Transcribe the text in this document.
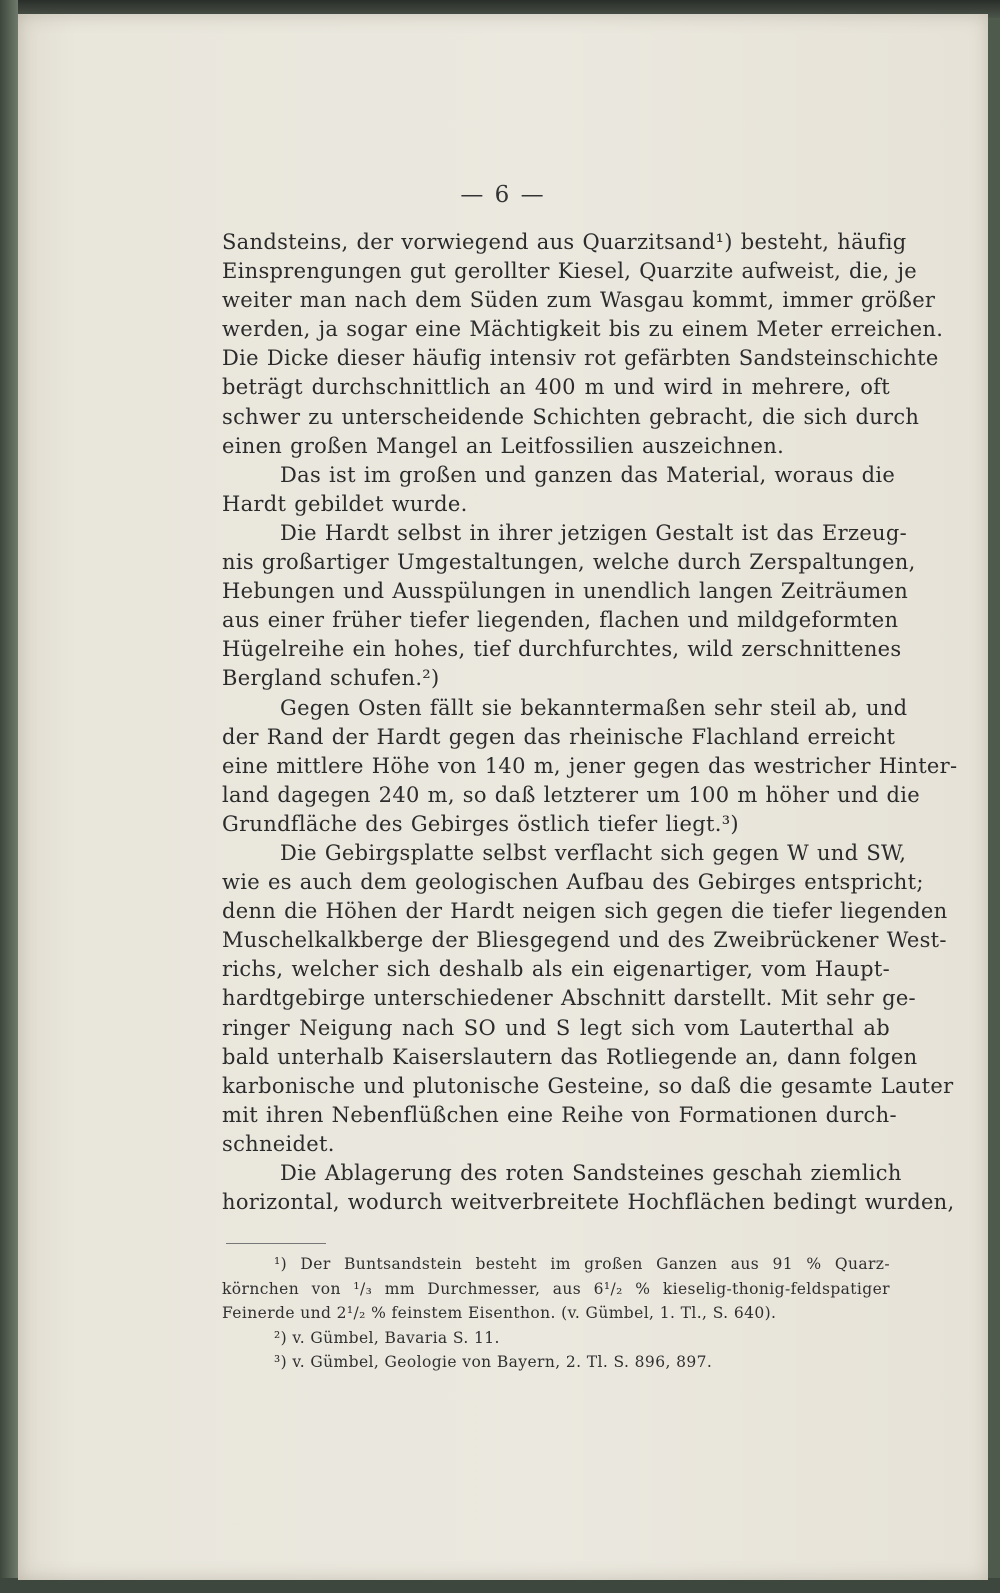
— 6 —
Sandsteins, der vorwiegend aus Quarzitsand¹) besteht, häufig
Einsprengungen gut gerollter Kiesel, Quarzite aufweist, die, je
weiter man nach dem Süden zum Wasgau kommt, immer größer
werden, ja sogar eine Mächtigkeit bis zu einem Meter erreichen.
Die Dicke dieser häufig intensiv rot gefärbten Sandsteinschichte
beträgt durchschnittlich an 400 m und wird in mehrere, oft
schwer zu unterscheidende Schichten gebracht, die sich durch
einen großen Mangel an Leitfossilien auszeichnen.
Das ist im großen und ganzen das Material, woraus die
Hardt gebildet wurde.
Die Hardt selbst in ihrer jetzigen Gestalt ist das Erzeug-
nis großartiger Umgestaltungen, welche durch Zerspaltungen,
Hebungen und Ausspülungen in unendlich langen Zeiträumen
aus einer früher tiefer liegenden, flachen und mildgeformten
Hügelreihe ein hohes, tief durchfurchtes, wild zerschnittenes
Bergland schufen.²)
Gegen Osten fällt sie bekanntermaßen sehr steil ab, und
der Rand der Hardt gegen das rheinische Flachland erreicht
eine mittlere Höhe von 140 m, jener gegen das westricher Hinter-
land dagegen 240 m, so daß letzterer um 100 m höher und die
Grundfläche des Gebirges östlich tiefer liegt.³)
Die Gebirgsplatte selbst verflacht sich gegen W und SW,
wie es auch dem geologischen Aufbau des Gebirges entspricht;
denn die Höhen der Hardt neigen sich gegen die tiefer liegenden
Muschelkalkberge der Bliesgegend und des Zweibrückener West-
richs, welcher sich deshalb als ein eigenartiger, vom Haupt-
hardtgebirge unterschiedener Abschnitt darstellt. Mit sehr ge-
ringer Neigung nach SO und S legt sich vom Lauterthal ab
bald unterhalb Kaiserslautern das Rotliegende an, dann folgen
karbonische und plutonische Gesteine, so daß die gesamte Lauter
mit ihren Nebenflüßchen eine Reihe von Formationen durch-
schneidet.
Die Ablagerung des roten Sandsteines geschah ziemlich
horizontal, wodurch weitverbreitete Hochflächen bedingt wurden,
¹) Der Buntsandstein besteht im großen Ganzen aus 91 % Quarz-
körnchen von ¹/₃ mm Durchmesser, aus 6¹/₂ % kieselig-thonig-feldspatiger
Feinerde und 2¹/₂ % feinstem Eisenthon. (v. Gümbel, 1. Tl., S. 640).
²) v. Gümbel, Bavaria S. 11.
³) v. Gümbel, Geologie von Bayern, 2. Tl. S. 896, 897.
